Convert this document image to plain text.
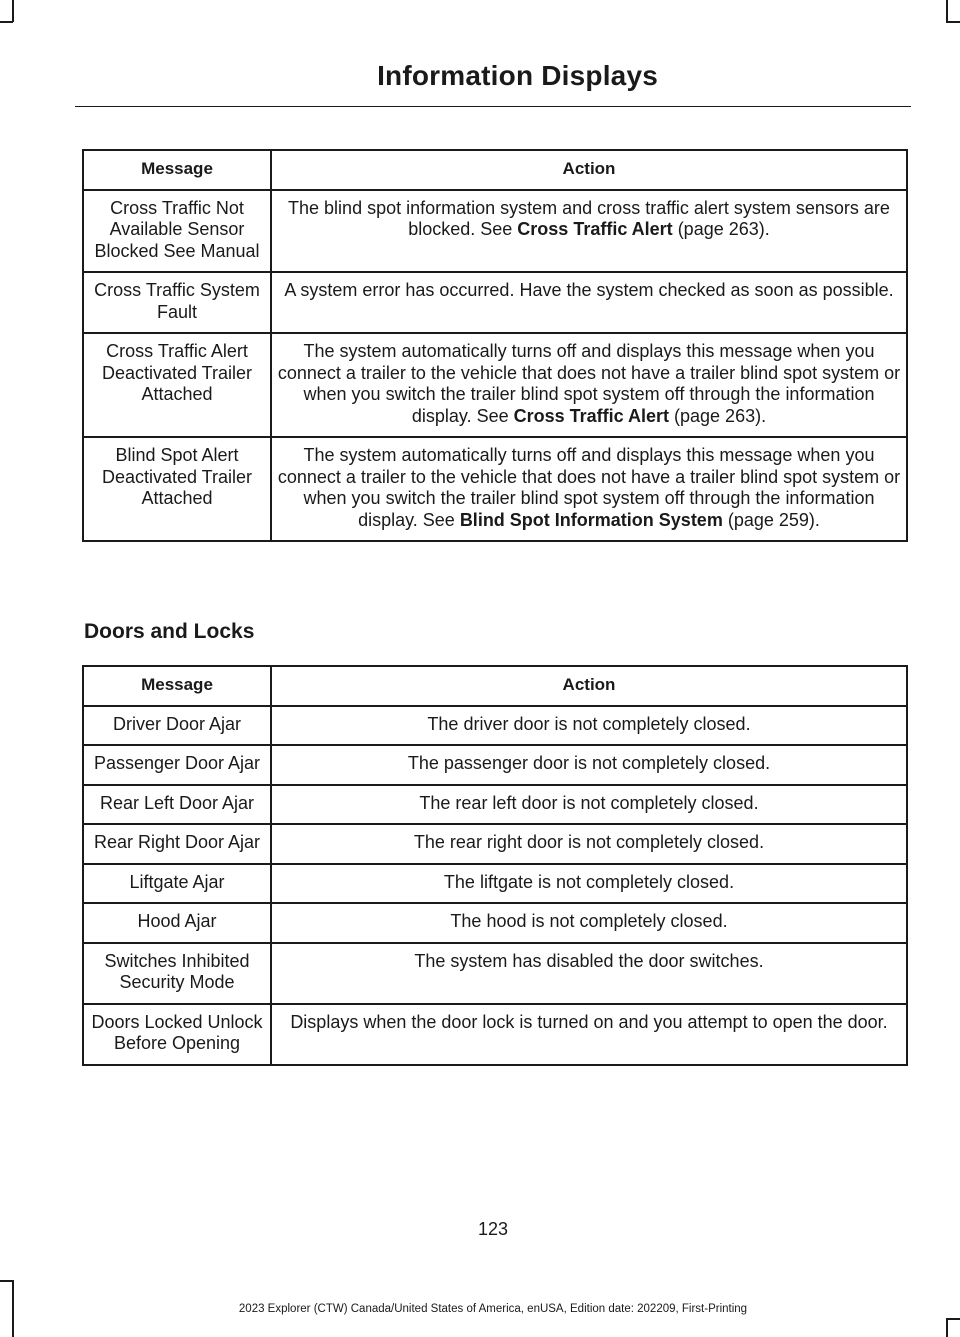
Information Displays
Message	Action
Cross Traffic Not Available Sensor Blocked See Manual	The blind spot information system and cross traffic alert system sensors are blocked. See Cross Traffic Alert (page 263).
Cross Traffic System Fault	A system error has occurred. Have the system checked as soon as possible.
Cross Traffic Alert Deactivated Trailer Attached	The system automatically turns off and displays this message when you connect a trailer to the vehicle that does not have a trailer blind spot system or when you switch the trailer blind spot system off through the information display. See Cross Traffic Alert (page 263).
Blind Spot Alert Deactivated Trailer Attached	The system automatically turns off and displays this message when you connect a trailer to the vehicle that does not have a trailer blind spot system or when you switch the trailer blind spot system off through the information display. See Blind Spot Information System (page 259).
Doors and Locks
Message	Action
Driver Door Ajar	The driver door is not completely closed.
Passenger Door Ajar	The passenger door is not completely closed.
Rear Left Door Ajar	The rear left door is not completely closed.
Rear Right Door Ajar	The rear right door is not completely closed.
Liftgate Ajar	The liftgate is not completely closed.
Hood Ajar	The hood is not completely closed.
Switches Inhibited Security Mode	The system has disabled the door switches.
Doors Locked Unlock Before Opening	Displays when the door lock is turned on and you attempt to open the door.
123
2023 Explorer (CTW) Canada/United States of America, enUSA, Edition date: 202209, First-Printing
